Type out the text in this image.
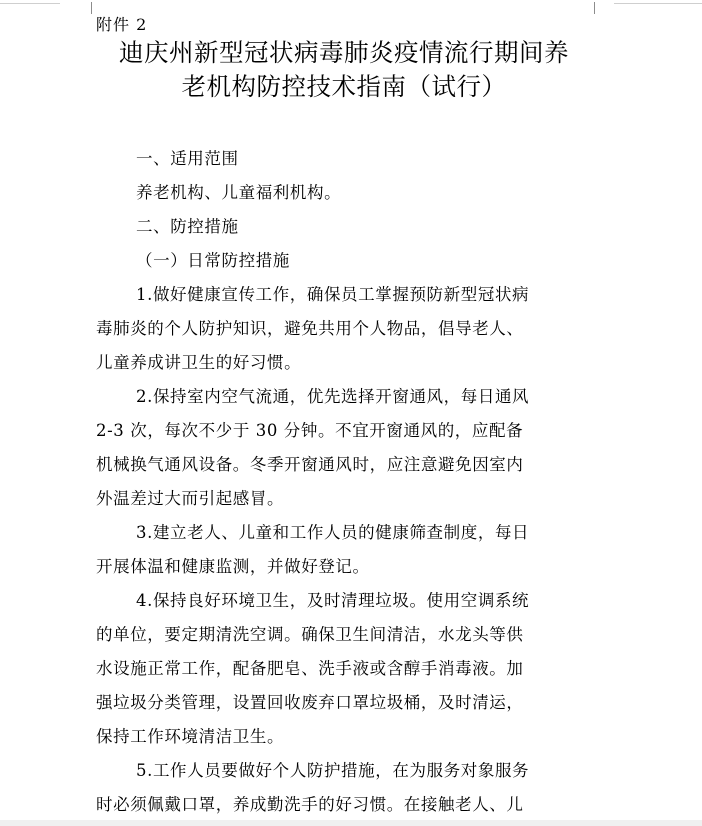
附件 2
迪庆州新型冠状病毒肺炎疫情流行期间养
老机构防控技术指南（试行）
一、适用范围
养老机构、儿童福利机构。
二、防控措施
（一）日常防控措施
1.做好健康宣传工作，确保员工掌握预防新型冠状病
毒肺炎的个人防护知识，避免共用个人物品，倡导老人、
儿童养成讲卫生的好习惯。
2.保持室内空气流通，优先选择开窗通风，每日通风
2-3 次，每次不少于 30 分钟。不宜开窗通风的，应配备
机械换气通风设备。冬季开窗通风时，应注意避免因室内
外温差过大而引起感冒。
3.建立老人、儿童和工作人员的健康筛查制度，每日
开展体温和健康监测，并做好登记。
4.保持良好环境卫生，及时清理垃圾。使用空调系统
的单位，要定期清洗空调。确保卫生间清洁，水龙头等供
水设施正常工作，配备肥皂、洗手液或含醇手消毒液。加
强垃圾分类管理，设置回收废弃口罩垃圾桶，及时清运，
保持工作环境清洁卫生。
5.工作人员要做好个人防护措施，在为服务对象服务
时必须佩戴口罩，养成勤洗手的好习惯。在接触老人、儿
